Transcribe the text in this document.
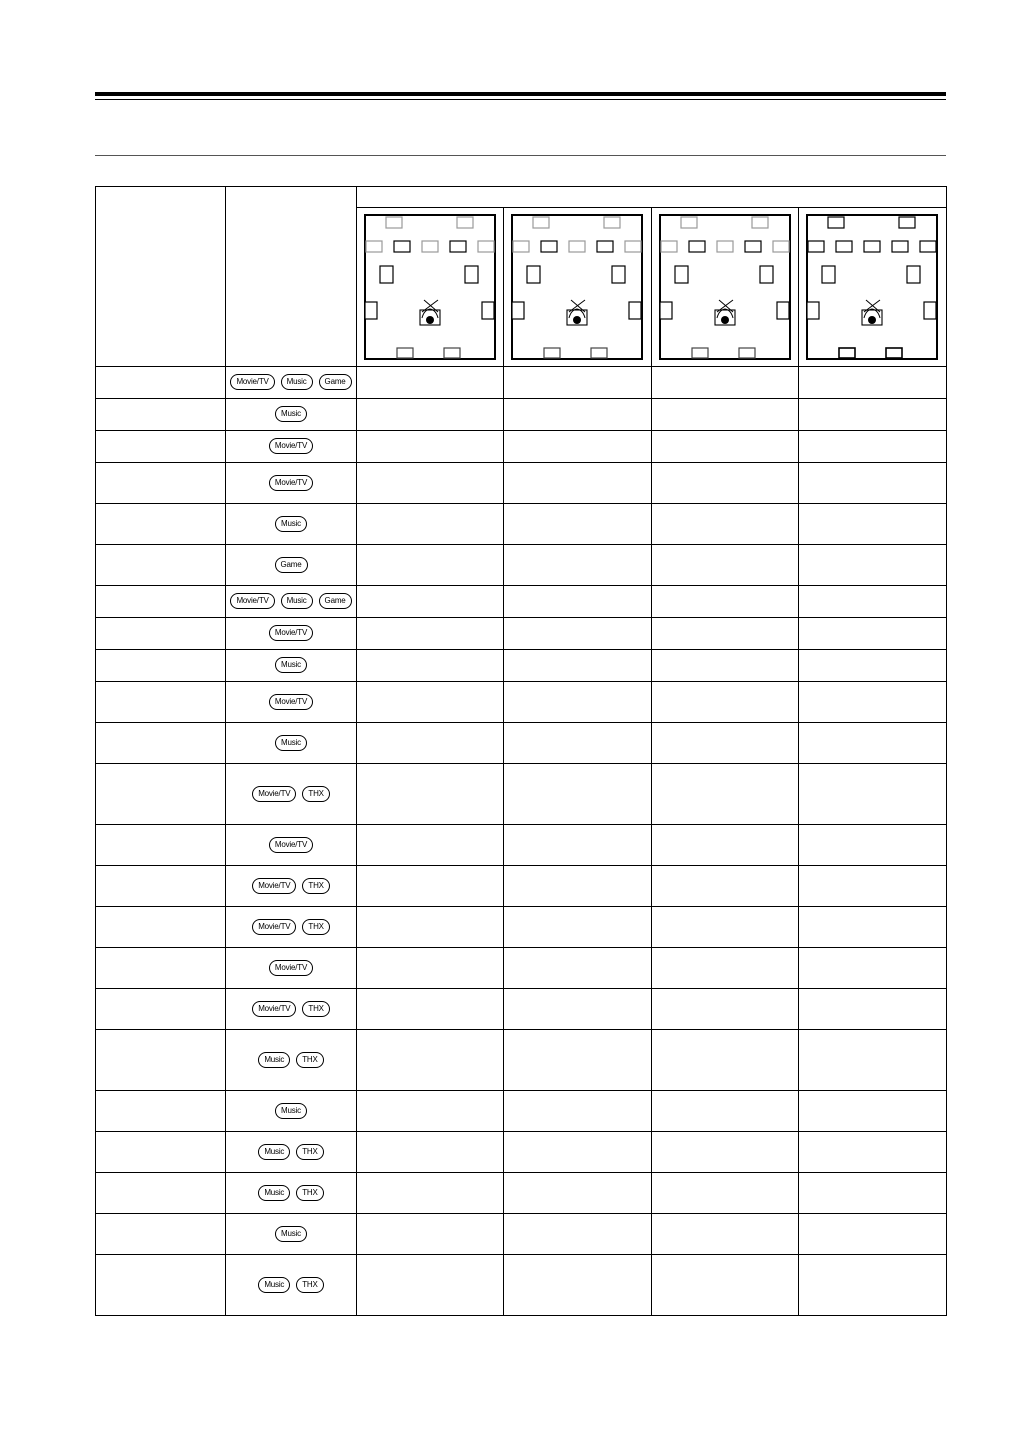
	Movie/TV Music Game				
	Music				
	Movie/TV				
	Movie/TV				
	Music				
	Game				
	Movie/TV Music Game				
	Movie/TV				
	Music				
	Movie/TV				
	Music				
	Movie/TV THX				
	Movie/TV				
	Movie/TV THX				
	Movie/TV THX				
	Movie/TV				
	Movie/TV THX				
	Music THX				
	Music				
	Music THX				
	Music THX				
	Music				
	Music THX				
